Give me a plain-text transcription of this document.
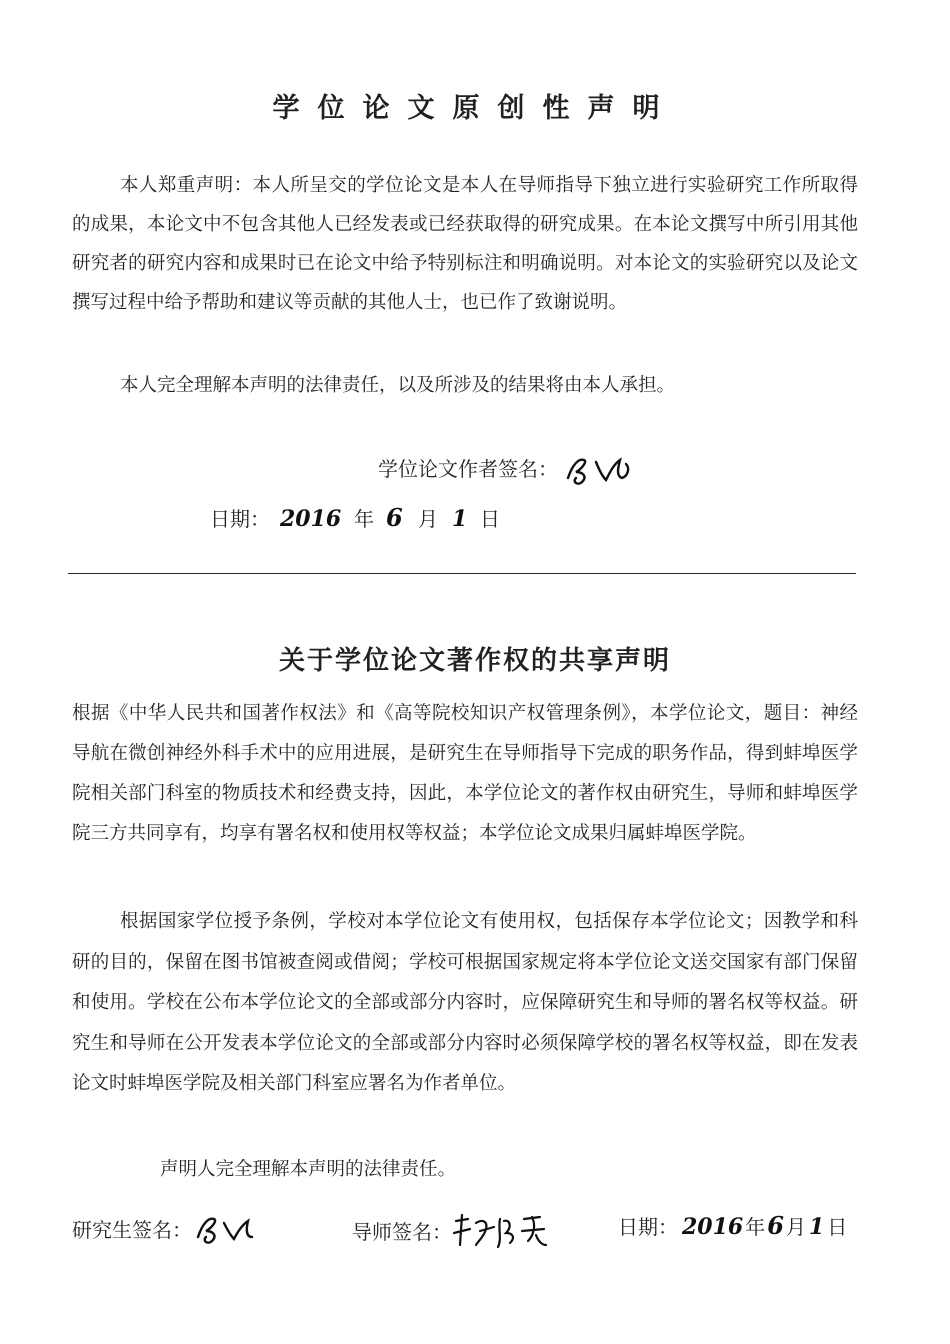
学位论文原创性声明
本人郑重声明：本人所呈交的学位论文是本人在导师指导下独立进行实验研究工作所取得的成果，本论文中不包含其他人已经发表或已经获取得的研究成果。在本论文撰写中所引用其他研究者的研究内容和成果时已在论文中给予特别标注和明确说明。对本论文的实验研究以及论文撰写过程中给予帮助和建议等贡献的其他人士，也已作了致谢说明。
本人完全理解本声明的法律责任，以及所涉及的结果将由本人承担。
学位论文作者签名：
日期： 2016 年 6 月 1 日
关于学位论文著作权的共享声明
根据《中华人民共和国著作权法》和《高等院校知识产权管理条例》，本学位论文，题目：神经导航在微创神经外科手术中的应用进展，是研究生在导师指导下完成的职务作品，得到蚌埠医学院相关部门科室的物质技术和经费支持，因此，本学位论文的著作权由研究生，导师和蚌埠医学院三方共同享有，均享有署名权和使用权等权益；本学位论文成果归属蚌埠医学院。
根据国家学位授予条例，学校对本学位论文有使用权，包括保存本学位论文；因教学和科研的目的，保留在图书馆被查阅或借阅；学校可根据国家规定将本学位论文送交国家有部门保留和使用。学校在公布本学位论文的全部或部分内容时，应保障研究生和导师的署名权等权益。研究生和导师在公开发表本学位论文的全部或部分内容时必须保障学校的署名权等权益，即在发表论文时蚌埠医学院及相关部门科室应署名为作者单位。
声明人完全理解本声明的法律责任。
研究生签名：	导师签名：	日期： 2016 年6 月 1 日
